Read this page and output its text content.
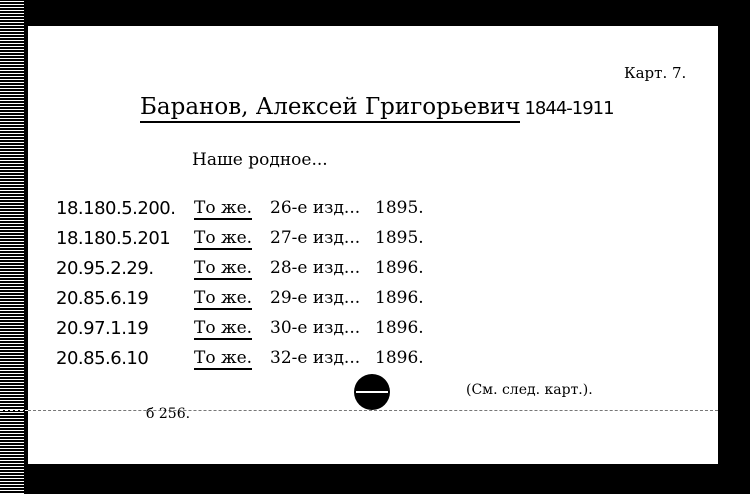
Карт. 7.
Баранов, Алексей Григорьевич 1844-1911
Наше родное...
18.180.5.200.	То же. 26-е изд... 1895.
18.180.5.201	То же. 27-е изд... 1895.
20.95.2.29.	То же. 28-е изд... 1896.
20.85.6.19	То же. 29-е изд... 1896.
20.97.1.19	То же. 30-е изд... 1896.
20.85.6.10	То же. 32-е изд... 1896.
(См. след. карт.).
б 256.
